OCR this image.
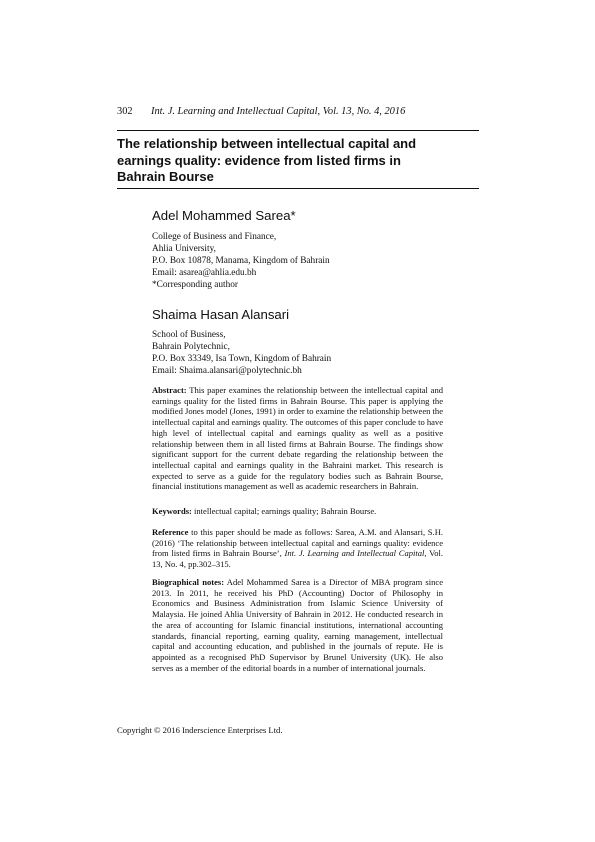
302 Int. J. Learning and Intellectual Capital, Vol. 13, No. 4, 2016
The relationship between intellectual capital and
earnings quality: evidence from listed firms in
Bahrain Bourse
Adel Mohammed Sarea*
College of Business and Finance,
Ahlia University,
P.O. Box 10878, Manama, Kingdom of Bahrain
Email: asarea@ahlia.edu.bh
*Corresponding author
Shaima Hasan Alansari
School of Business,
Bahrain Polytechnic,
P.O. Box 33349, Isa Town, Kingdom of Bahrain
Email: Shaima.alansari@polytechnic.bh
Abstract: This paper examines the relationship between the intellectual capital and earnings quality for the listed firms in Bahrain Bourse. This paper is applying the modified Jones model (Jones, 1991) in order to examine the relationship between the intellectual capital and earnings quality. The outcomes of this paper conclude to have high level of intellectual capital and earnings quality as well as a positive relationship between them in all listed firms at Bahrain Bourse. The findings show significant support for the current debate regarding the relationship between the intellectual capital and earnings quality in the Bahraini market. This research is expected to serve as a guide for the regulatory bodies such as Bahrain Bourse, financial institutions management as well as academic researchers in Bahrain.
Keywords: intellectual capital; earnings quality; Bahrain Bourse.
Reference to this paper should be made as follows: Sarea, A.M. and Alansari, S.H. (2016) ‘The relationship between intellectual capital and earnings quality: evidence from listed firms in Bahrain Bourse’, Int. J. Learning and Intellectual Capital, Vol. 13, No. 4, pp.302–315.
Biographical notes: Adel Mohammed Sarea is a Director of MBA program since 2013. In 2011, he received his PhD (Accounting) Doctor of Philosophy in Economics and Business Administration from Islamic Science University of Malaysia. He joined Ahlia University of Bahrain in 2012. He conducted research in the area of accounting for Islamic financial institutions, international accounting standards, financial reporting, earning quality, earning management, intellectual capital and accounting education, and published in the journals of repute. He is appointed as a recognised PhD Supervisor by Brunel University (UK). He also serves as a member of the editorial boards in a number of international journals.
Copyright © 2016 Inderscience Enterprises Ltd.
